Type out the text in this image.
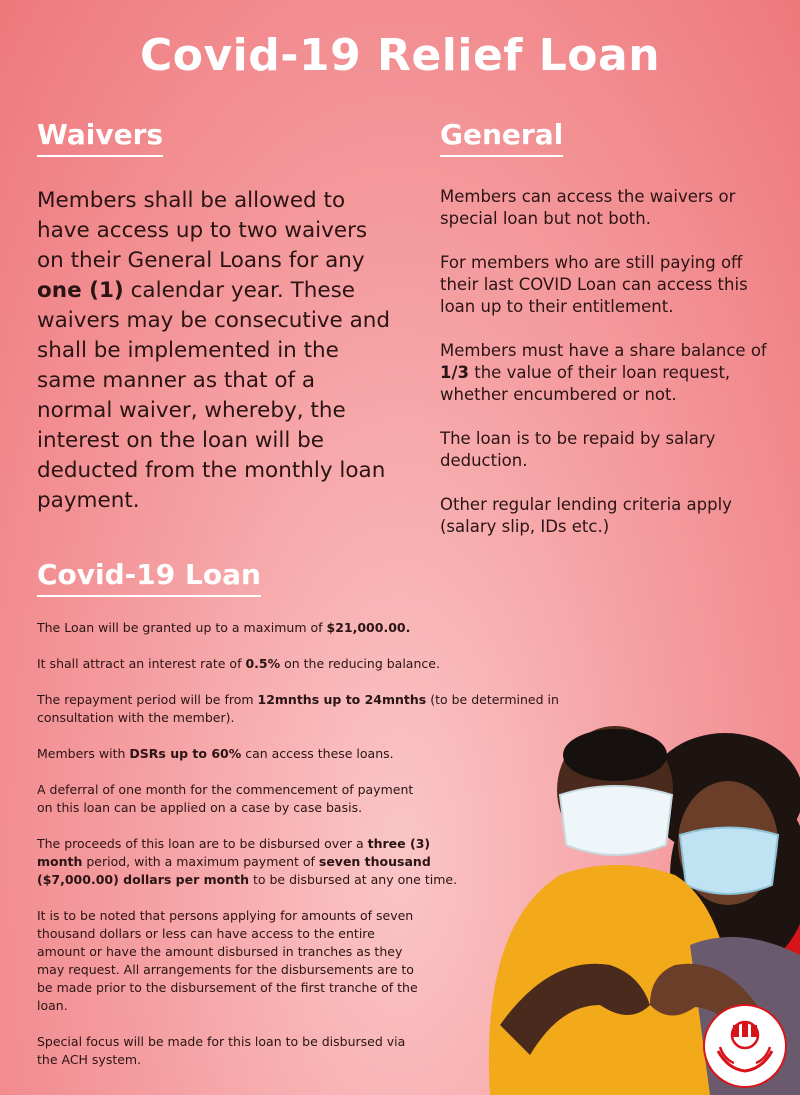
Covid-19 Relief Loan
Waivers
Members shall be allowed to have access up to two waivers on their General Loans for any one (1) calendar year. These waivers may be consecutive and shall be implemented in the same manner as that of a normal waiver, whereby, the interest on the loan will be deducted from the monthly loan payment.
General

Members can access the waivers or special loan but not both.

For members who are still paying off their last COVID Loan can access this loan up to their entitlement.

Members must have a share balance of 1/3 the value of their loan request, whether encumbered or not.

The loan is to be repaid by salary deduction.

Other regular lending criteria apply (salary slip, IDs etc.)

Covid-19 Loan

The Loan will be granted up to a maximum of $21,000.00.

It shall attract an interest rate of 0.5% on the reducing balance.

The repayment period will be from 12mnths up to 24mnths (to be determined in consultation with the member).

Members with DSRs up to 60% can access these loans.

A deferral of one month for the commencement of payment on this loan can be applied on a case by case basis.

The proceeds of this loan are to be disbursed over a three (3) month period, with a maximum payment of seven thousand ($7,000.00) dollars per month to be disbursed at any one time.

It is to be noted that persons applying for amounts of seven thousand dollars or less can have access to the entire amount or have the amount disbursed in tranches as they may request. All arrangements for the disbursements are to be made prior to the disbursement of the first tranche of the loan.

Special focus will be made for this loan to be disbursed via the ACH system.
